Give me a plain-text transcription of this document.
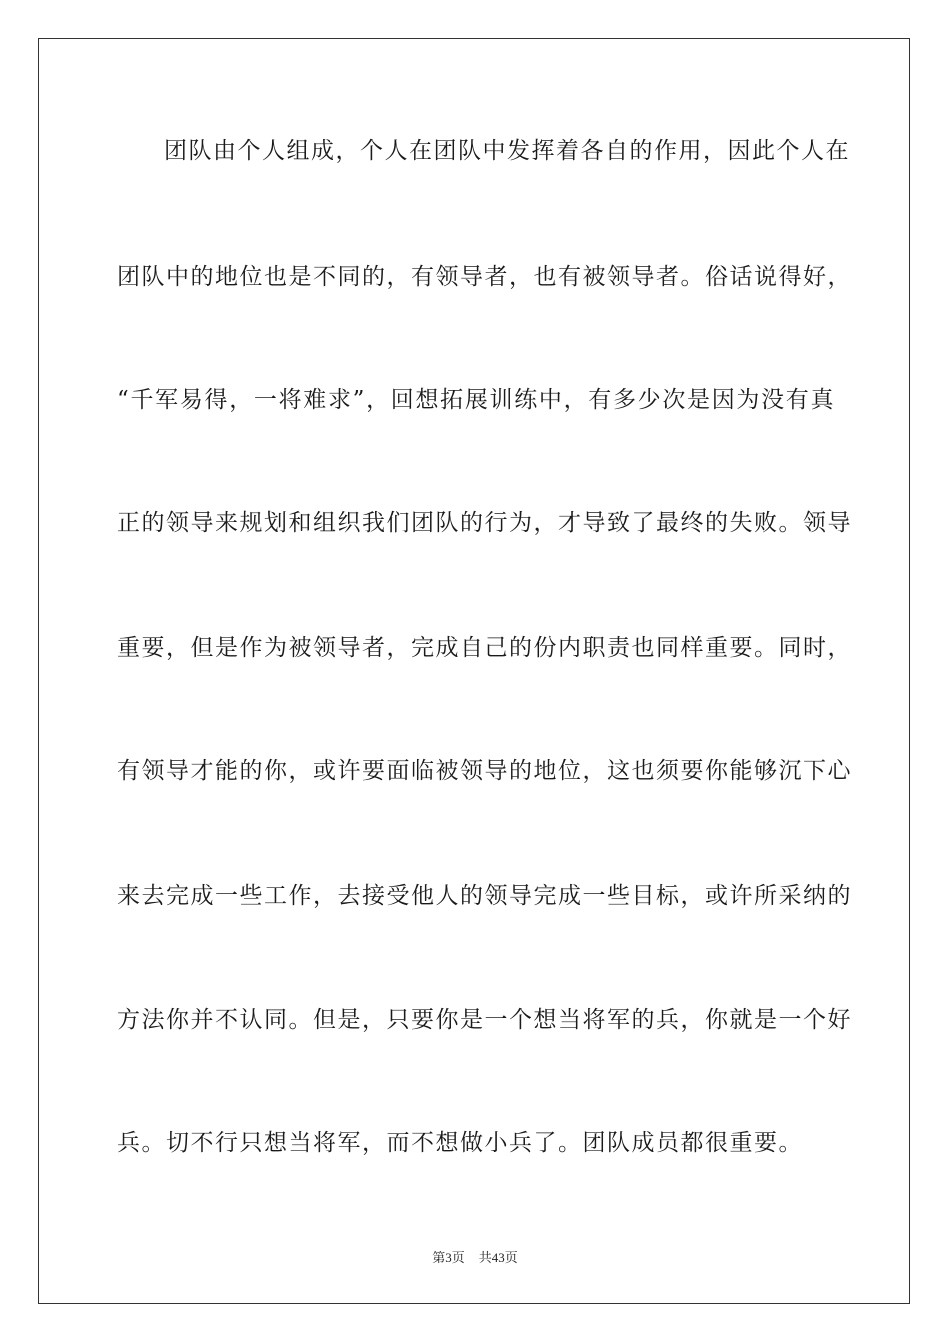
团队由个人组成，个人在团队中发挥着各自的作用，因此个人在
团队中的地位也是不同的，有领导者，也有被领导者。俗话说得好，
“千军易得，一将难求”，回想拓展训练中，有多少次是因为没有真
正的领导来规划和组织我们团队的行为，才导致了最终的失败。领导
重要，但是作为被领导者，完成自己的份内职责也同样重要。同时，
有领导才能的你，或许要面临被领导的地位，这也须要你能够沉下心
来去完成一些工作，去接受他人的领导完成一些目标，或许所采纳的
方法你并不认同。但是，只要你是一个想当将军的兵，你就是一个好
兵。切不行只想当将军，而不想做小兵了。团队成员都很重要。
第3页 共43页
